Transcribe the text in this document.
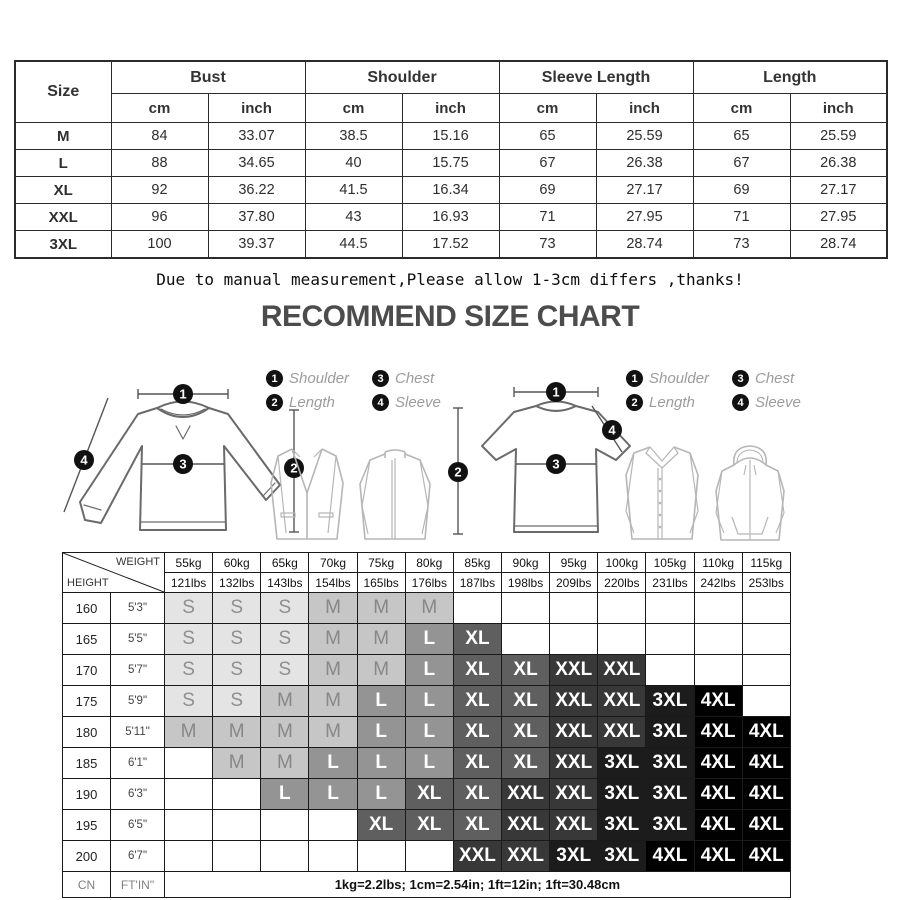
Size	Bust		Shoulder		Sleeve Length		Length	
	cm	inch	cm	inch	cm	inch	cm	inch
M	84	33.07	38.5	15.16	65	25.59	65	25.59
L	88	34.65	40	15.75	67	26.38	67	26.38
XL	92	36.22	41.5	16.34	69	27.17	69	27.17
XXL	96	37.80	43	16.93	71	27.95	71	27.95
3XL	100	39.37	44.5	17.52	73	28.74	73	28.74
Due to manual measurement,Please allow 1-3cm differs ,thanks!
RECOMMEND SIZE CHART
1
3	2
4
1 Shoulder	3 Chest
2 Length	4 Sleeve
1
2
3
4
1 Shoulder	3 Chest
2 Length	4 Sleeve
WEIGHT
HEIGHT		55kg	60kg	65kg	70kg	75kg	80kg	85kg	90kg	95kg	100kg	105kg	110kg	115kg
		121lbs	132lbs	143lbs	154lbs	165lbs	176lbs	187lbs	198lbs	209lbs	220lbs	231lbs	242lbs	253lbs
160	5'3"	S	S	S	M	M	M							
165	5'5"	S	S	S	M	M	L	XL						
170	5'7"	S	S	S	M	M	L	XL	XL	XXL	XXL			
175	5'9"	S	S	M	M	L	L	XL	XL	XXL	XXL	3XL	4XL	
180	5'11"	M	M	M	M	L	L	XL	XL	XXL	XXL	3XL	4XL	4XL
185	6'1"		M	M	L	L	L	XL	XL	XXL	3XL	3XL	4XL	4XL
190	6'3"			L	L	L	XL	XL	XXL	XXL	3XL	3XL	4XL	4XL
195	6'5"					XL	XL	XL	XXL	XXL	3XL	3XL	4XL	4XL
200	6'7"							XXL	XXL	3XL	3XL	4XL	4XL	4XL
CN	FT'IN"	1kg=2.2lbs; 1cm=2.54in; 1ft=12in; 1ft=30.48cm												
